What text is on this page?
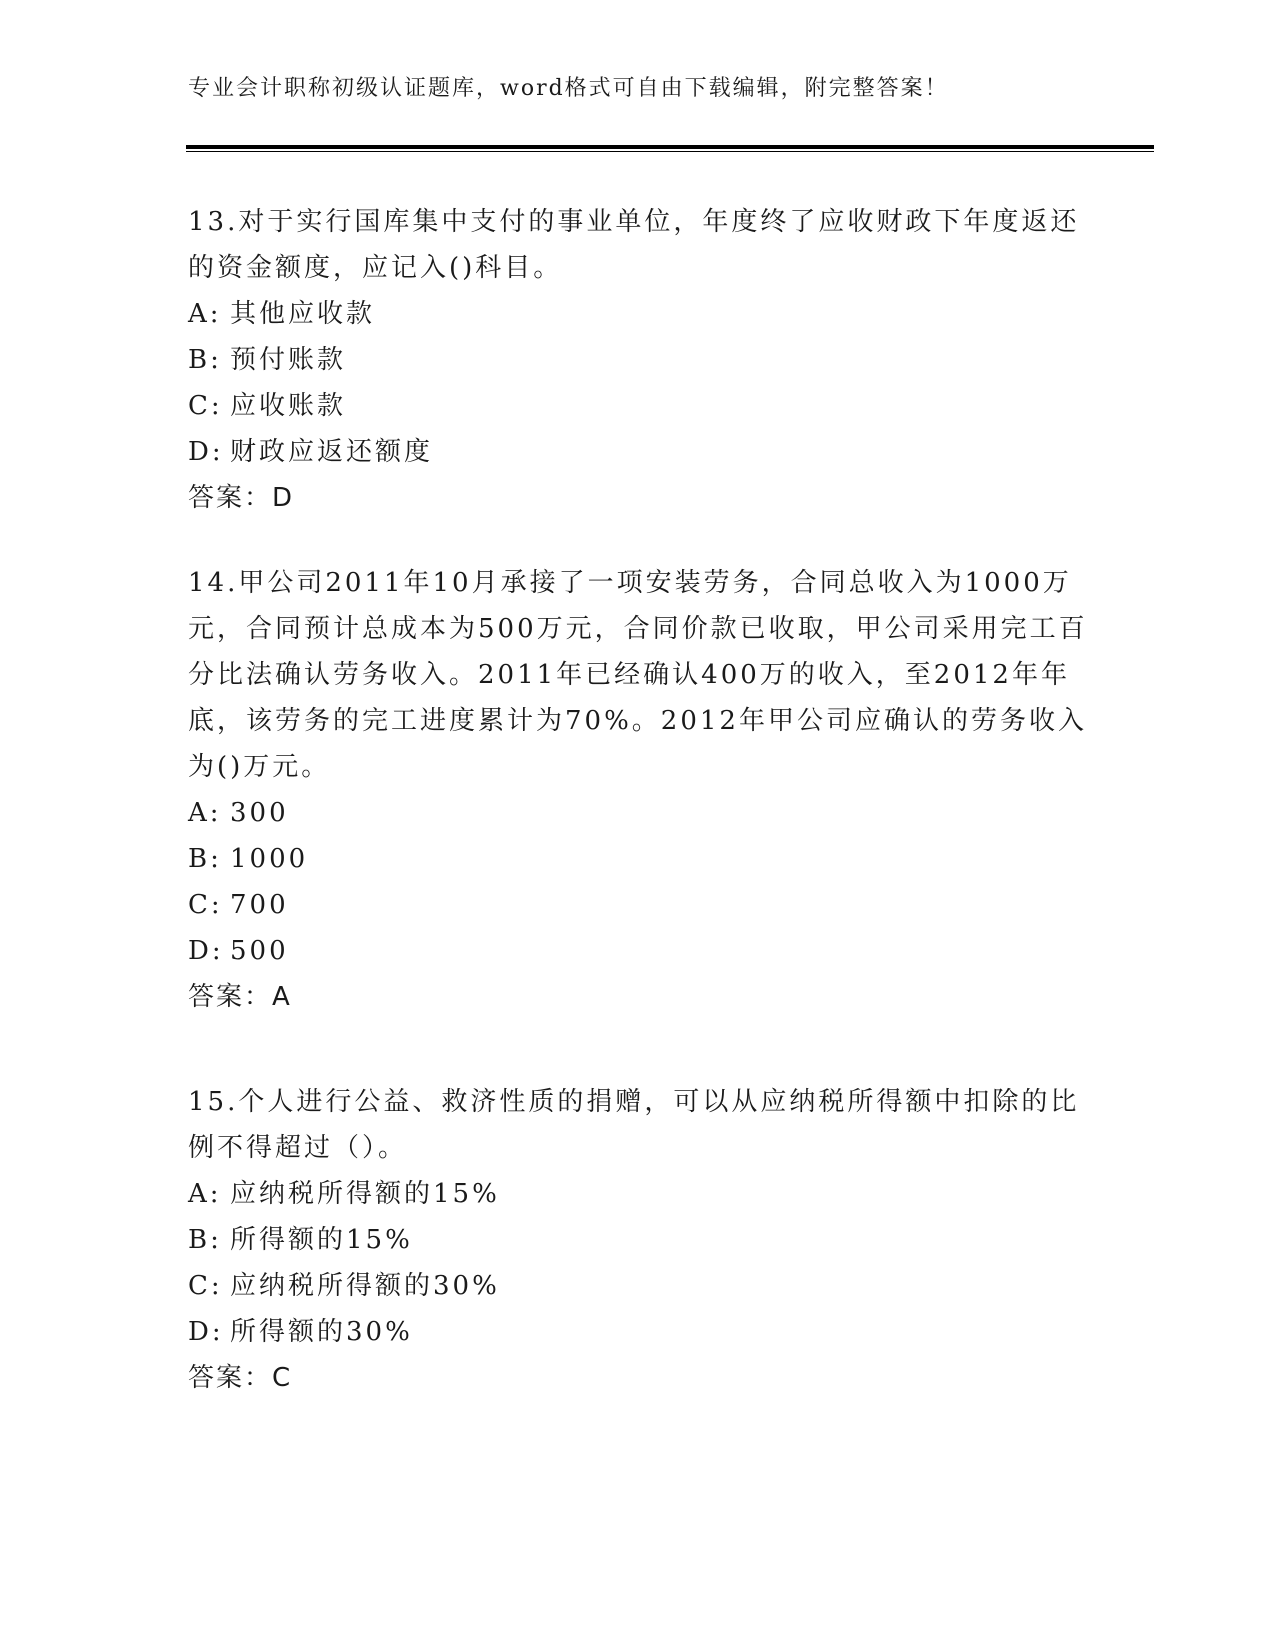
专业会计职称初级认证题库，word格式可自由下载编辑，附完整答案！

13.对于实行国库集中支付的事业单位，年度终了应收财政下年度返还的资金额度，应记入()科目。

A: 其他应收款

B: 预付账款

C: 应收账款

D: 财政应返还额度

答案：D

14.甲公司2011年10月承接了一项安装劳务，合同总收入为1000万元，合同预计总成本为500万元，合同价款已收取，甲公司采用完工百分比法确认劳务收入。2011年已经确认400万的收入，至2012年年底，该劳务的完工进度累计为70%。2012年甲公司应确认的劳务收入为()万元。

A: 300

B: 1000

C: 700

D: 500

答案：A

15.个人进行公益、救济性质的捐赠，可以从应纳税所得额中扣除的比例不得超过（）。

A: 应纳税所得额的15%

B: 所得额的15%

C: 应纳税所得额的30%

D: 所得额的30%

答案：C
